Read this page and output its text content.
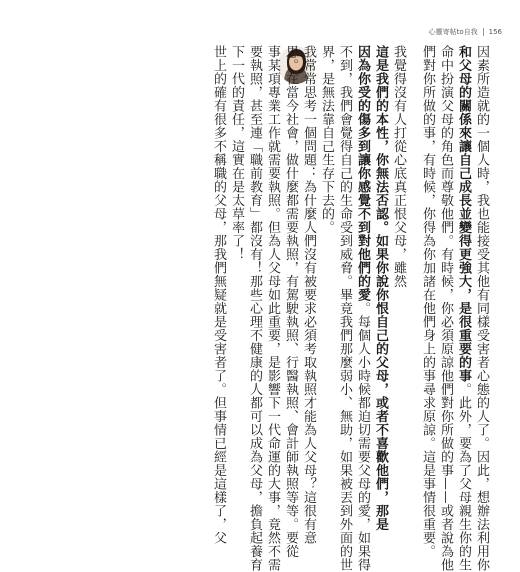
心靈寄帖to自我 156
因素所造就的一個人時，我也能接受其他有同樣受害者心態的人了。因此，想辦法利用你
和父母的關係來讓自己成長並變得更強大，是很重要的事。此外，要為了父母親生你的生
命中扮演父母的角色而尊敬他們。有時候，你必須原諒他們對你所做的事——或者說為他
們對你所做的事，有時候，你得為你加諸在他們身上的事尋求原諒。這是事情很重要。
我覺得沒有人打從心底真正恨父母，雖然
這是我們的本性，你無法否認。如果你說你恨自己的父母，或者不喜歡他們，那是
因為你受的傷多到讓你感覺不到對他們的愛。每個人小時候都迫切需要父母的愛，如果得
不到，我們會覺得自己的生命受到威脅。畢竟我們那麼弱小、無助，如果被丟到外面的世
界，是無法靠自己生存下去的。
我常常思考一個問題：為什麼人們沒有被要求必須考取執照才能為人父母？這很有意
思。在當今社會，做什麼都需要執照，有駕駛執照、行醫執照、會計師執照等等。要從
事某項專業工作就需要執照。但為人父母如此重要，是影響下一代命運的大事，竟然不需
要執照，甚至連「職前教育」都沒有！那些心理不健康的人都可以成為父母，擔負起養育
下一代的責任，這實在是太草率了！
世上的確有很多不稱職的父母，那我們無疑就是受害者了。但事情已經是這樣了，父
